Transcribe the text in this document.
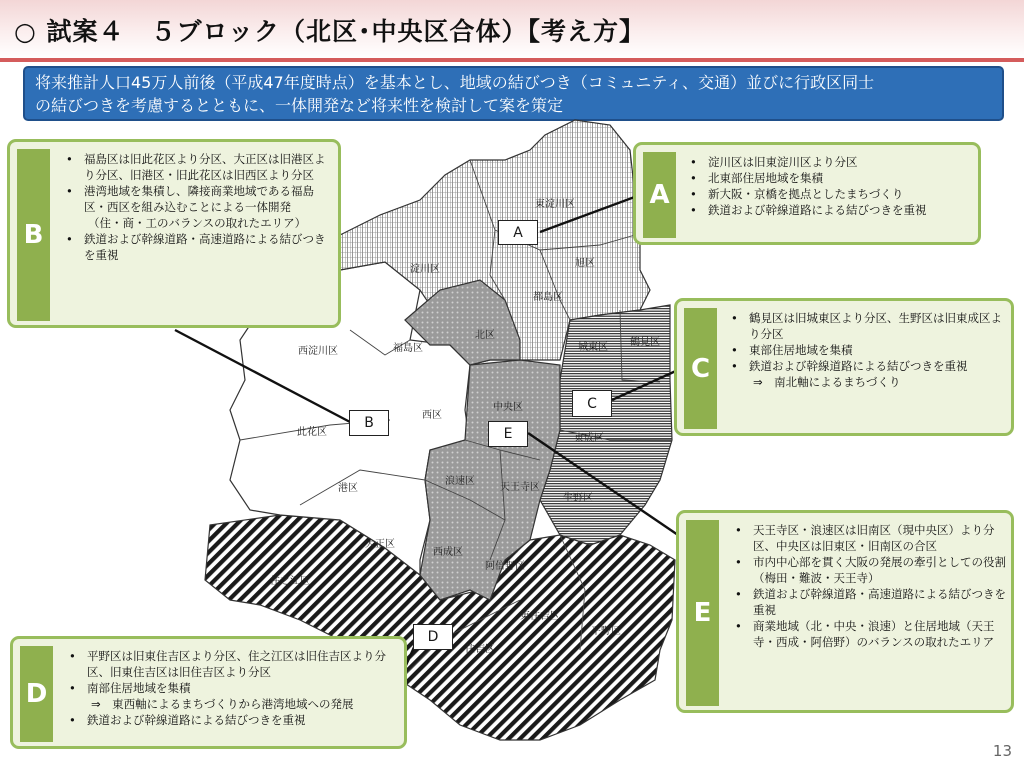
○ 試案４　５ブロック（北区･中央区合体）【考え方】
将来推計人口45万人前後（平成47年度時点）を基本とし、地域の結びつき（コミュニティ、交通）並びに行政区同士
の結びつきを考慮するとともに、一体開発など将来性を検討して案を策定
東淀川区
淀川区
旭区
都島区
北区
城東区 鶴見区
西淀川区	福島区
中央区
西区
此花区
東成区
浪速区
天王寺区
港区
生野区
大正区
西成区
阿倍野区
住之江区
東住吉区
平野区
住吉区
A
B
C
D
E
A
• 淀川区は旧東淀川区より分区
• 北東部住居地域を集積
• 新大阪・京橋を拠点としたまちづくり
• 鉄道および幹線道路による結びつきを重視
B
• 福島区は旧此花区より分区、大正区は旧港区より分区、旧港区・旧此花区は旧西区より分区
• 港湾地域を集積し、隣接商業地域である福島区・西区を組み込むことによる一体開発
（住・商・工のバランスの取れたエリア）
• 鉄道および幹線道路・高速道路による結びつきを重視
C
• 鶴見区は旧城東区より分区、生野区は旧東成区より分区
• 東部住居地域を集積
• 鉄道および幹線道路による結びつきを重視
⇒　南北軸によるまちづくり
E
• 天王寺区・浪速区は旧南区（現中央区）より分区、中央区は旧東区・旧南区の合区
• 市内中心部を貫く大阪の発展の牽引としての役割（梅田・難波・天王寺）
• 鉄道および幹線道路・高速道路による結びつきを重視
• 商業地域（北・中央・浪速）と住居地域（天王寺・西成・阿倍野）のバランスの取れたエリア
D
• 平野区は旧東住吉区より分区、住之江区は旧住吉区より分区、旧東住吉区は旧住吉区より分区
• 南部住居地域を集積
⇒　東西軸によるまちづくりから港湾地域への発展
• 鉄道および幹線道路による結びつきを重視
13
